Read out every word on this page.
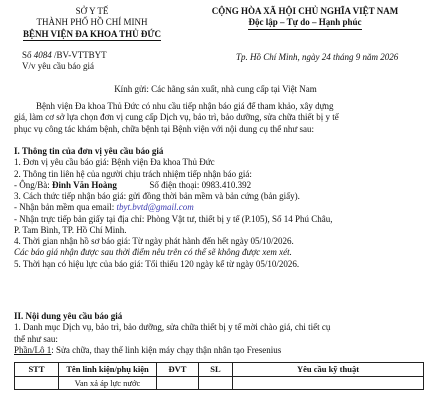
SỞ Y TẾ
THÀNH PHỐ HỒ CHÍ MINH
BỆNH VIỆN ĐA KHOA THỦ ĐỨC
CỘNG HÒA XÃ HỘI CHỦ NGHĨA VIỆT NAM
Độc lập – Tự do – Hạnh phúc
Số 4084 /BV-VTTBYT
V/v yêu cầu báo giá
Tp. Hồ Chí Minh, ngày 24 tháng 9 năm 2026
Kính gửi: Các hãng sản xuất, nhà cung cấp tại Việt Nam

Bệnh viện Đa khoa Thủ Đức có nhu cầu tiếp nhận báo giá để tham khảo, xây dựng

giá, làm cơ sở lựa chọn đơn vị cung cấp Dịch vụ, bảo trì, bảo dưỡng, sửa chữa thiết bị y tế

phục vụ công tác khám bệnh, chữa bệnh tại Bệnh viện với nội dung cụ thể như sau:

I. Thông tin của đơn vị yêu cầu báo giá

1. Đơn vị yêu cầu báo giá: Bệnh viện Đa khoa Thủ Đức

2. Thông tin liên hệ của người chịu trách nhiệm tiếp nhận báo giá:

- Ông/Bà: Đinh Văn Hoàng	Số điện thoại: 0983.410.392

3. Cách thức tiếp nhận báo giá: gửi đồng thời bản mềm và bản cứng (bản giấy).

- Nhận bản mềm qua email: tbyt.bvtd@gmail.com

- Nhận trực tiếp bản giấy tại địa chỉ: Phòng Vật tư, thiết bị y tế (P.105), Số 14 Phú Châu,

P. Tam Bình, TP. Hồ Chí Minh.

4. Thời gian nhận hồ sơ báo giá: Từ ngày phát hành đến hết ngày 05/10/2026.

Các báo giá nhận được sau thời điểm nêu trên có thể sẽ không được xem xét.

5. Thời hạn có hiệu lực của báo giá: Tối thiểu 120 ngày kể từ ngày 05/10/2026.

II. Nội dung yêu cầu báo giá

1. Danh mục Dịch vụ, bảo trì, bảo dưỡng, sửa chữa thiết bị y tế mời chào giá, chi tiết cụ

thể như sau:

Phần/Lô 1: Sửa chữa, thay thế linh kiện máy chạy thận nhân tạo Fresenius

STT	Tên linh kiện/phụ kiện	ĐVT	SL	Yêu cầu kỹ thuật
	Van xả áp lực nước			
